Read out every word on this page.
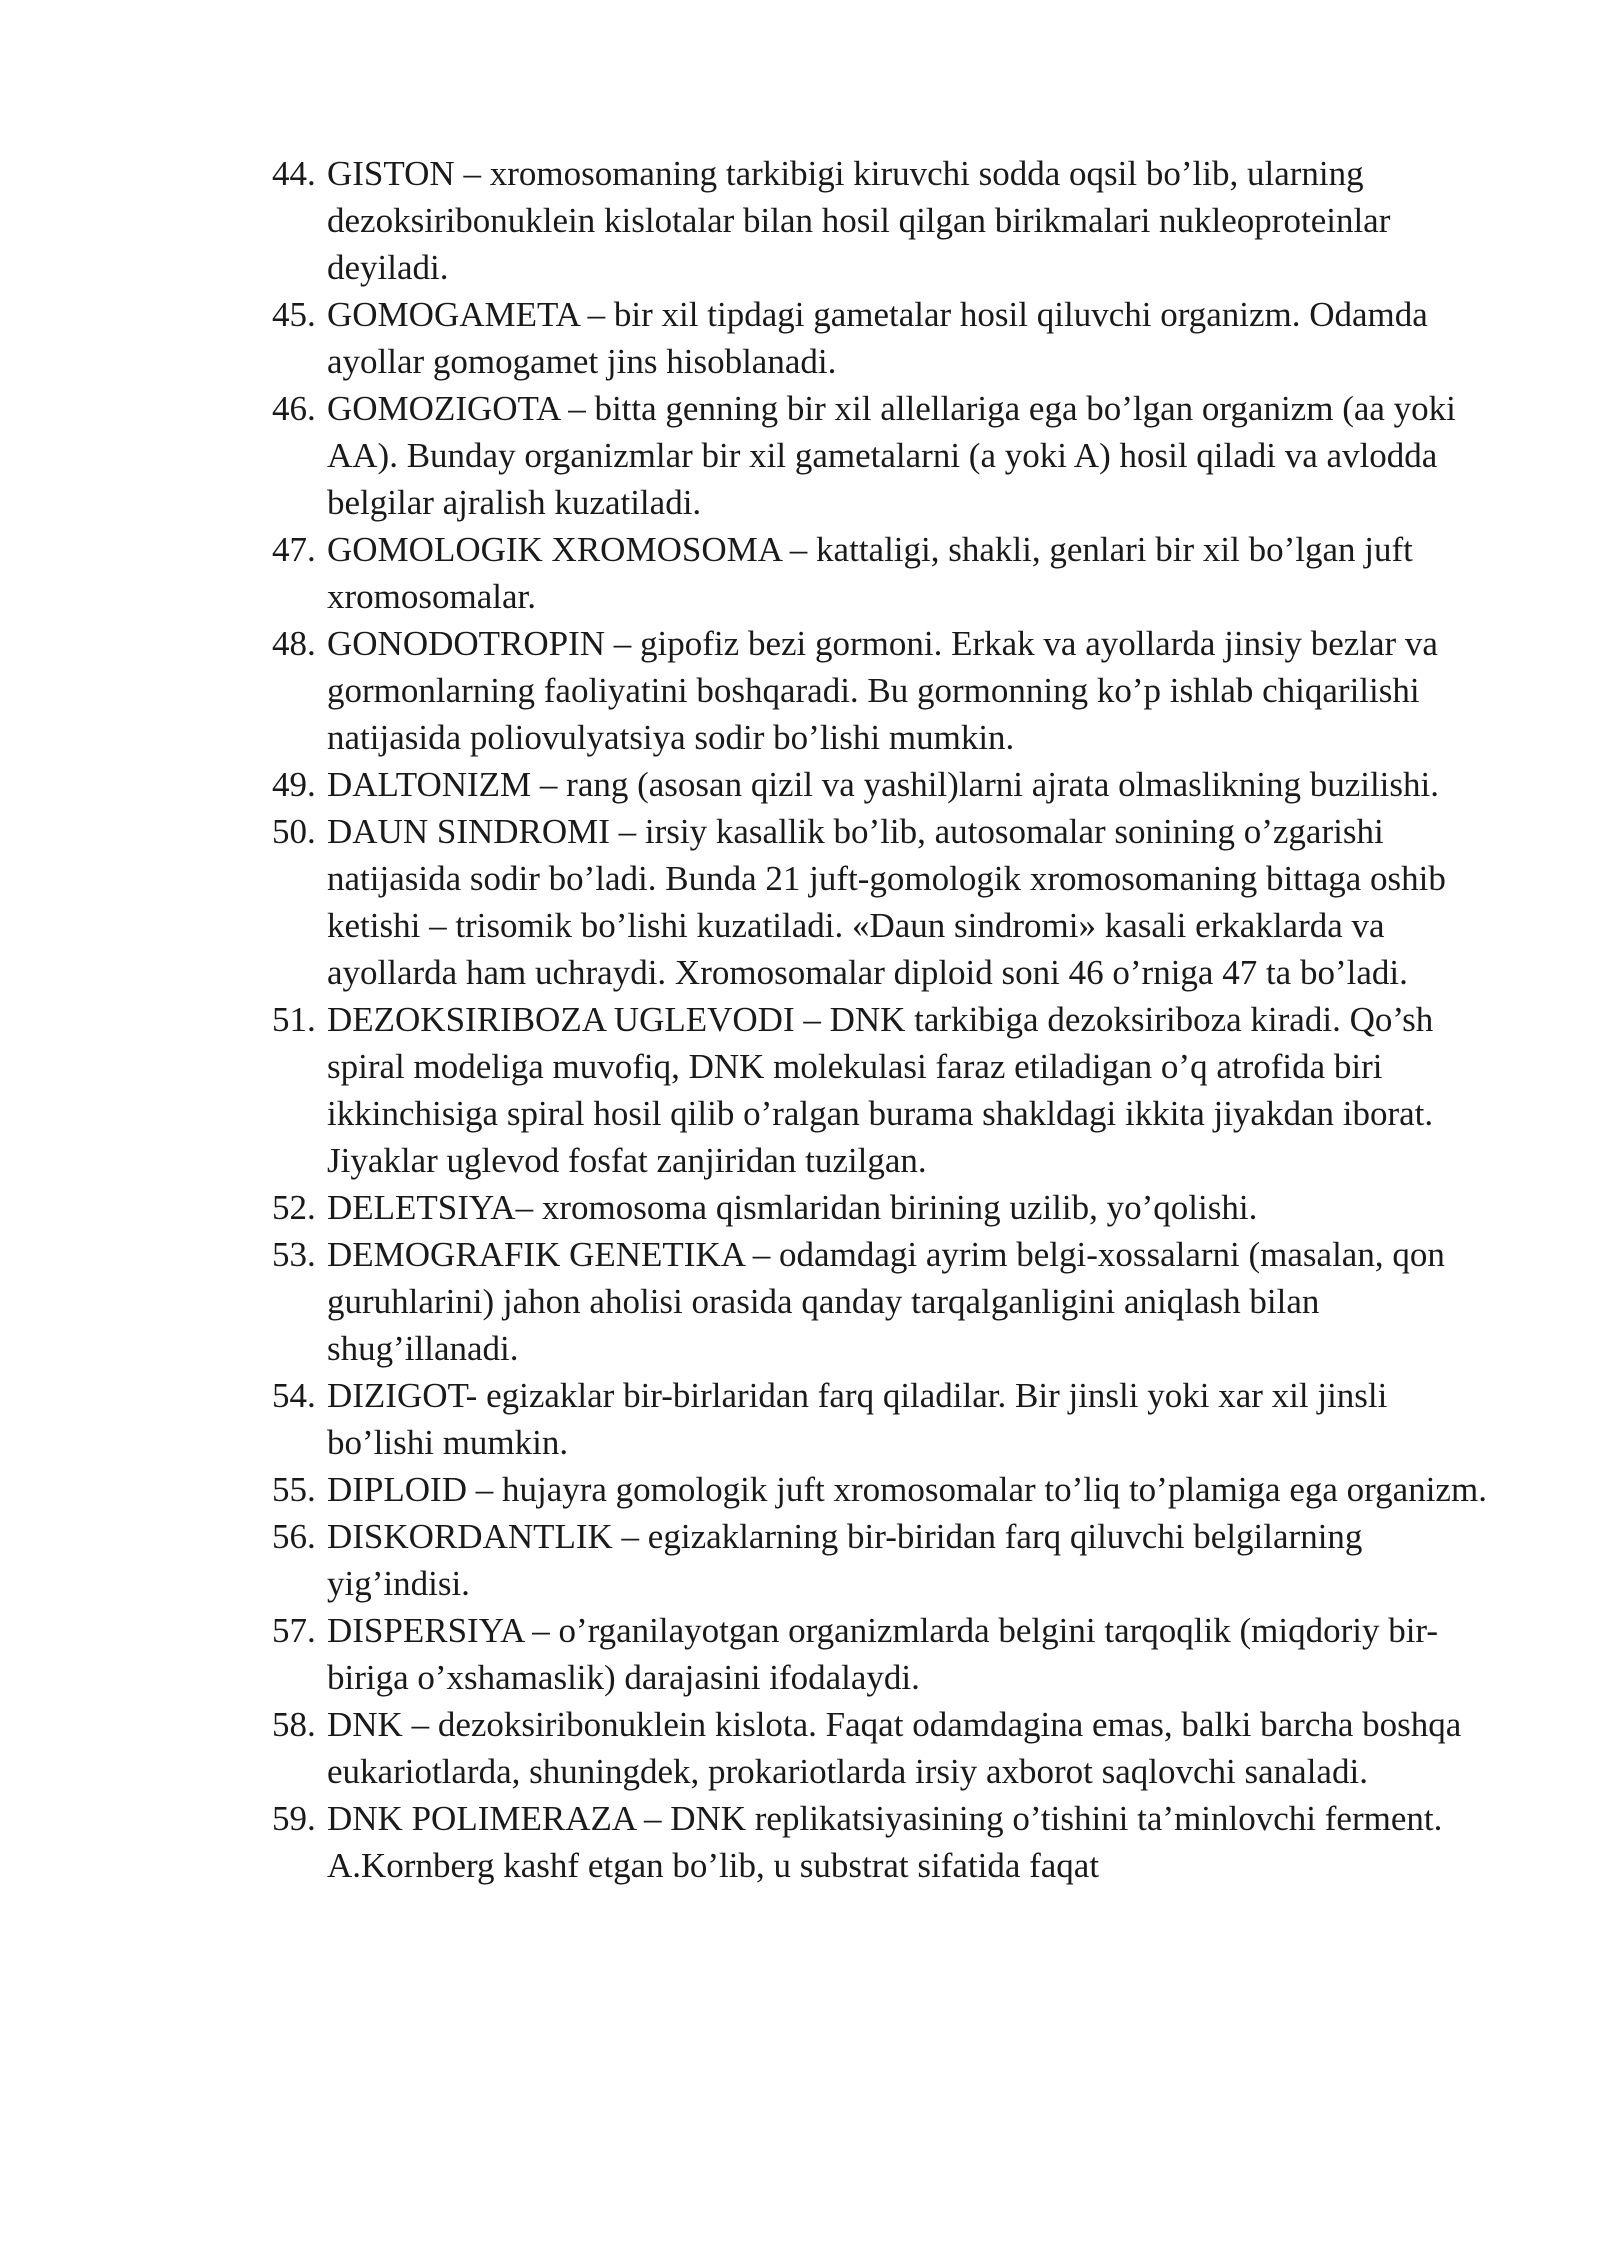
44. GISTON – xromosomaning tarkibigi kiruvchi sodda oqsil bo’lib, ularning dezoksiribonuklein kislotalar bilan hosil qilgan birikmalari nukleoproteinlar deyiladi.
45. GOMOGAMETA – bir xil tipdagi gametalar hosil qiluvchi organizm. Odamda ayollar gomogamet jins hisoblanadi.
46. GOMOZIGOTA – bitta genning bir xil allellariga ega bo’lgan organizm (aa yoki AA). Bunday organizmlar bir xil gametalarni (a yoki A) hosil qiladi va avlodda belgilar ajralish kuzatiladi.
47. GOMOLOGIK XROMOSOMA – kattaligi, shakli, genlari bir xil bo’lgan juft xromosomalar.
48. GONODOTROPIN – gipofiz bezi gormoni. Erkak va ayollarda jinsiy bezlar va gormonlarning faoliyatini boshqaradi. Bu gormonning ko’p ishlab chiqarilishi natijasida poliovulyatsiya sodir bo’lishi mumkin.
49. DALTONIZM – rang (asosan qizil va yashil)larni ajrata olmaslikning buzilishi.
50. DAUN SINDROMI – irsiy kasallik bo’lib, autosomalar sonining o’zgarishi natijasida sodir bo’ladi. Bunda 21 juft-gomologik xromosomaning bittaga oshib ketishi – trisomik bo’lishi kuzatiladi. «Daun sindromi» kasali erkaklarda va ayollarda ham uchraydi. Xromosomalar diploid soni 46 o’rniga 47 ta bo’ladi.
51. DEZOKSIRIBOZA UGLEVODI – DNK tarkibiga dezoksiriboza kiradi. Qo’sh spiral modeliga muvofiq, DNK molekulasi faraz etiladigan o’q atrofida biri ikkinchisiga spiral hosil qilib o’ralgan burama shakldagi ikkita jiyakdan iborat. Jiyaklar uglevod fosfat zanjiridan tuzilgan.
52. DELETSIYA– xromosoma qismlaridan birining uzilib, yo’qolishi.
53. DEMOGRAFIK GENETIKA – odamdagi ayrim belgi-xossalarni (masalan, qon guruhlarini) jahon aholisi orasida qanday tarqalganligini aniqlash bilan shug’illanadi.
54. DIZIGOT- egizaklar bir-birlaridan farq qiladilar. Bir jinsli yoki xar xil jinsli bo’lishi mumkin.
55. DIPLOID – hujayra gomologik juft xromosomalar to’liq to’plamiga ega organizm.
56. DISKORDANTLIK – egizaklarning bir-biridan farq qiluvchi belgilarning yig’indisi.
57. DISPERSIYA – o’rganilayotgan organizmlarda belgini tarqoqlik (miqdoriy bir-biriga o’xshamaslik) darajasini ifodalaydi.
58. DNK – dezoksiribonuklein kislota. Faqat odamdagina emas, balki barcha boshqa eukariotlarda, shuningdek, prokariotlarda irsiy axborot saqlovchi sanaladi.
59. DNK POLIMERAZA – DNK replikatsiyasining o’tishini ta’minlovchi ferment. A.Kornberg kashf etgan bo’lib, u substrat sifatida faqat
